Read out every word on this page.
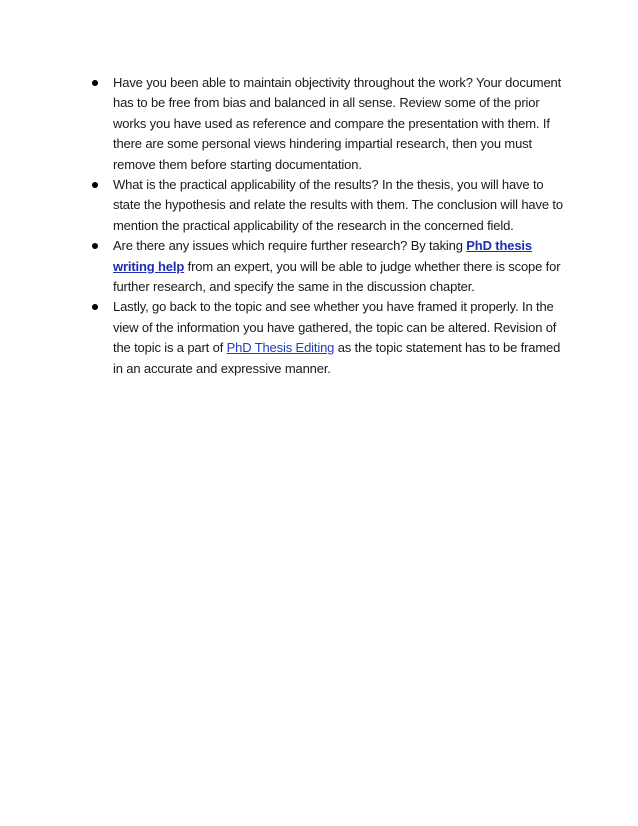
Have you been able to maintain objectivity throughout the work? Your document has to be free from bias and balanced in all sense. Review some of the prior works you have used as reference and compare the presentation with them. If there are some personal views hindering impartial research, then you must remove them before starting documentation.
What is the practical applicability of the results? In the thesis, you will have to state the hypothesis and relate the results with them. The conclusion will have to mention the practical applicability of the research in the concerned field.
Are there any issues which require further research? By taking PhD thesis writing help from an expert, you will be able to judge whether there is scope for further research, and specify the same in the discussion chapter.
Lastly, go back to the topic and see whether you have framed it properly. In the view of the information you have gathered, the topic can be altered. Revision of the topic is a part of PhD Thesis Editing as the topic statement has to be framed in an accurate and expressive manner.
